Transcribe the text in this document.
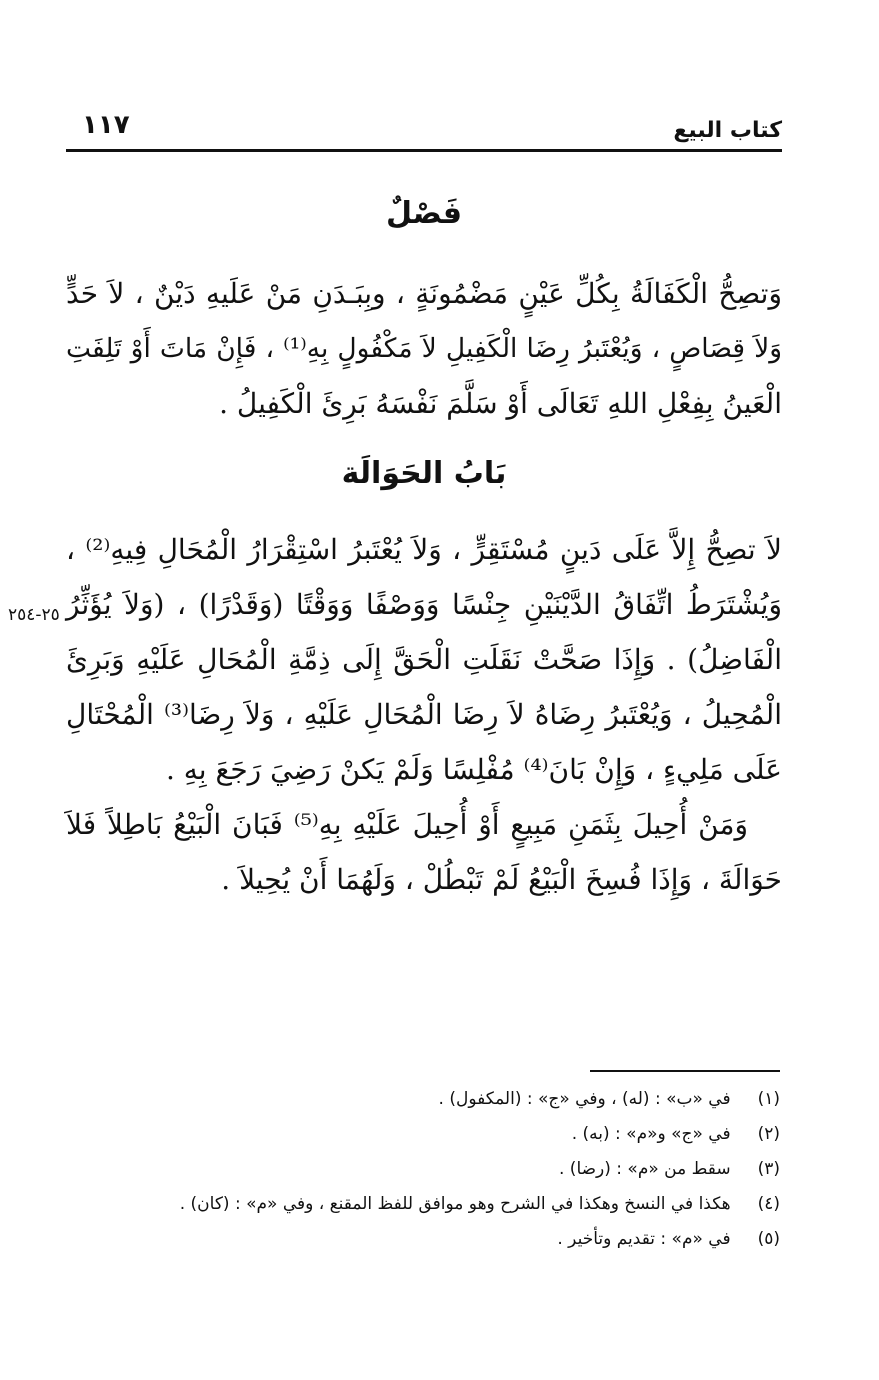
كتاب البيع
١١٧
فَصْلٌ
وَتصِحُّ الْكَفَالَةُ بِكُلِّ عَيْنٍ مَضْمُونَةٍ ، وبِبَـدَنِ مَنْ عَلَيهِ دَيْنٌ ، لاَ حَدٍّ
وَلاَ قِصَاصٍ ، وَيُعْتَبرُ رِضَا الْكَفِيلِ لاَ مَكْفُولٍ بِهِ⁽¹⁾ ، فَإِنْ مَاتَ أَوْ تَلِفَتِ
الْعَينُ بِفِعْلِ اللهِ تَعَالَى أَوْ سَلَّمَ نَفْسَهُ بَرِئَ الْكَفِيلُ .
بَابُ الحَوَالَة
لاَ تصِحُّ إِلاَّ عَلَى دَينٍ مُسْتَقِرٍّ ، وَلاَ يُعْتَبرُ اسْتِقْرَارُ الْمُحَالِ فِيهِ⁽²⁾ ،
وَيُشْتَرَطُ اتِّفَاقُ الدَّيْنَيْنِ جِنْسًا وَوَصْفًا وَوَقْتًا (وَقَدْرًا) ، (وَلاَ يُؤَثِّرُ
الْفَاضِلُ) . وَإِذَا صَحَّتْ نَقَلَتِ الْحَقَّ إِلَى ذِمَّةِ الْمُحَالِ عَلَيْهِ وَبَرِئَ
الْمُحِيلُ ، وَيُعْتَبرُ رِضَاهُ لاَ رِضَا الْمُحَالِ عَلَيْهِ ، وَلاَ رِضَا⁽³⁾ الْمُحْتَالِ
عَلَى مَلِيءٍ ، وَإِنْ بَانَ⁽⁴⁾ مُفْلِسًا وَلَمْ يَكنْ رَضِيَ رَجَعَ بِهِ .
وَمَنْ أُحِيلَ بِثَمَنِ مَبِيعٍ أَوْ أُحِيلَ عَلَيْهِ بِهِ⁽⁵⁾ فَبَانَ الْبَيْعُ بَاطِلاً فَلاَ
حَوَالَةَ ، وَإِذَا فُسِخَ الْبَيْعُ لَمْ تَبْطُلْ ، وَلَهُمَا أَنْ يُحِيلاَ .
٢٥-٢٥٤
(١) في «ب» : (له) ، وفي «ج» : (المكفول) .
(٢) في «ج» و«م» : (به) .
(٣) سقط من «م» : (رضا) .
(٤) هكذا في النسخ وهكذا في الشرح وهو موافق للفظ المقنع ، وفي «م» : (كان) .
(٥) في «م» : تقديم وتأخير .
